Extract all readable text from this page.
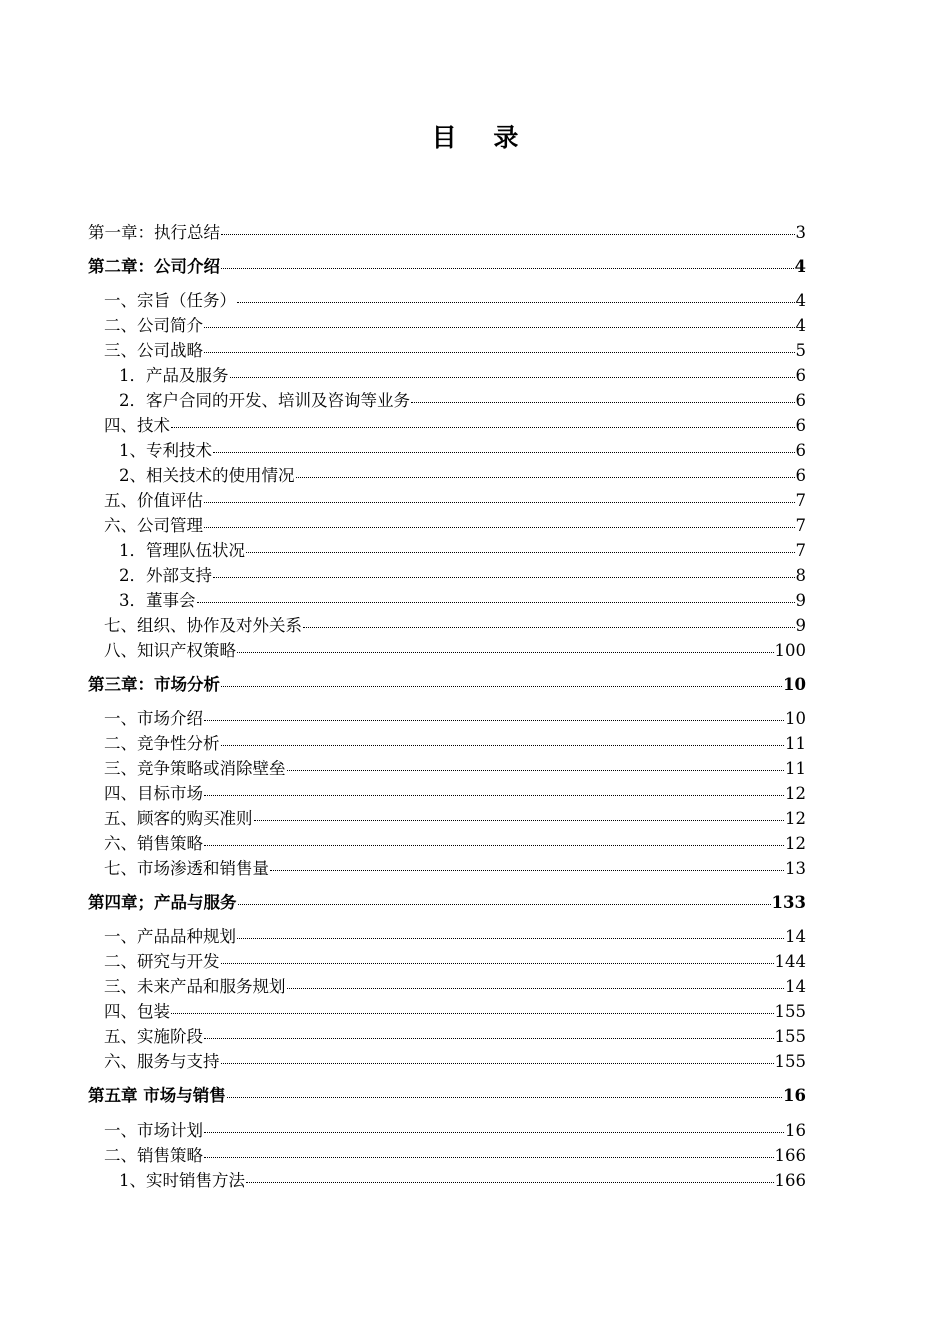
目 录
第一章：执行总结	3
第二章：公司介绍	4
一、宗旨（任务）	4
二、公司简介	4
三、公司战略	5
1．产品及服务	6
2．客户合同的开发、培训及咨询等业务	6
四、技术	6
1、专利技术	6
2、相关技术的使用情况	6
五、价值评估	7
六、公司管理	7
1．管理队伍状况	7
2．外部支持	8
3．董事会	9
七、组织、协作及对外关系	9
八、知识产权策略	100
第三章：市场分析	10
一、市场介绍	10
二、竞争性分析	11
三、竞争策略或消除壁垒	11
四、目标市场	12
五、顾客的购买准则	12
六、销售策略	12
七、市场渗透和销售量	13
第四章；产品与服务	133
一、产品品种规划	14
二、研究与开发	144
三、未来产品和服务规划	14
四、包装	155
五、实施阶段	155
六、服务与支持	155
第五章 市场与销售	16
一、市场计划	16
二、销售策略	166
1、实时销售方法	166
